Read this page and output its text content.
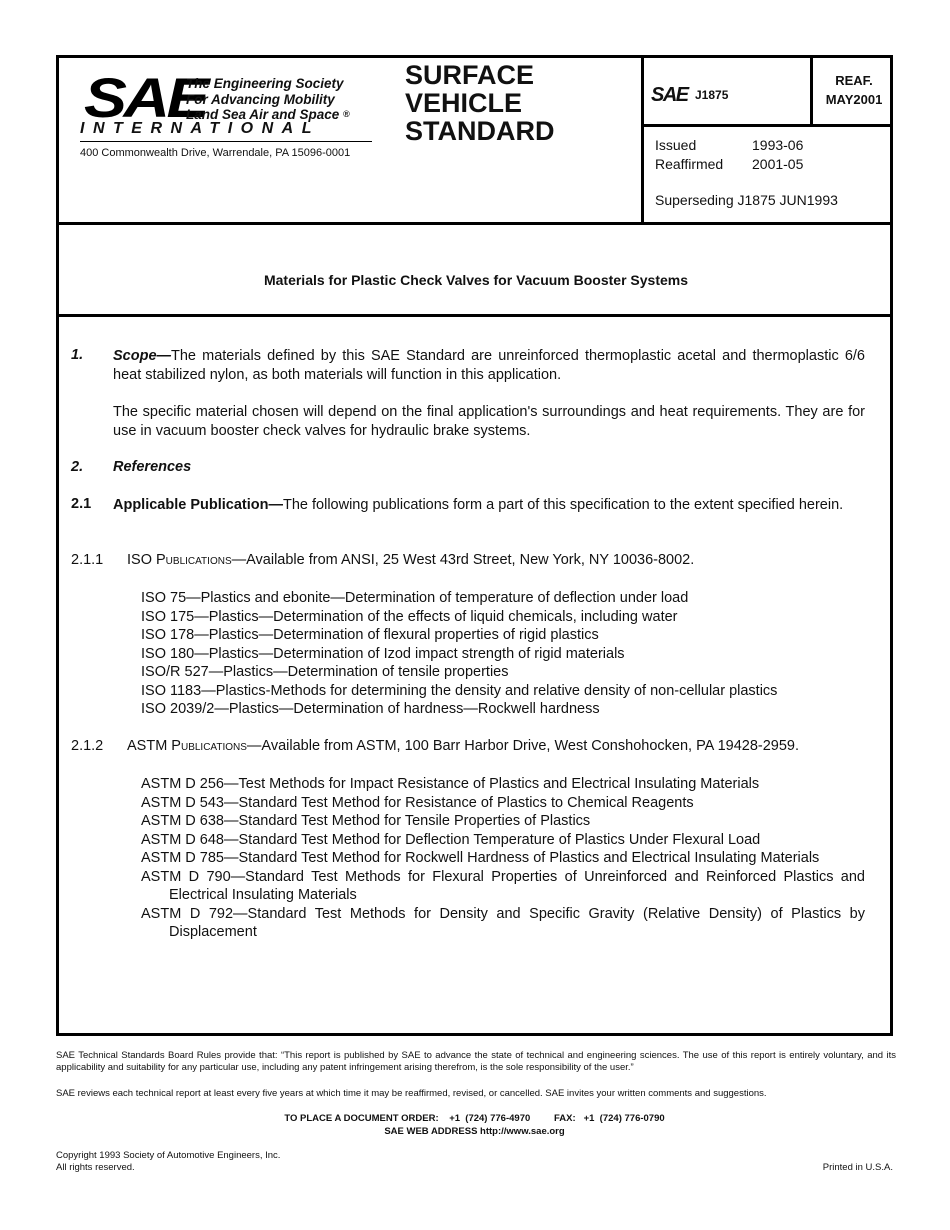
SAE
The Engineering Society
For Advancing Mobility
Land Sea Air and Space ®
INTERNATIONAL
400 Commonwealth Drive, Warrendale, PA 15096-0001
SURFACE
VEHICLE
STANDARD
SAE J1875
REAF.
MAY2001
Issued	1993-06
Reaffirmed 2001-05
Superseding J1875 JUN1993
Materials for Plastic Check Valves for Vacuum Booster Systems
1. Scope—The materials defined by this SAE Standard are unreinforced thermoplastic acetal and thermoplastic 6/6 heat stabilized nylon, as both materials will function in this application.
The specific material chosen will depend on the final application's surroundings and heat requirements. They are for use in vacuum booster check valves for hydraulic brake systems.
2. References
2.1 Applicable Publication—The following publications form a part of this specification to the extent specified herein.
2.1.1 ISO Publications—Available from ANSI, 25 West 43rd Street, New York, NY 10036-8002.
ISO 75—Plastics and ebonite—Determination of temperature of deflection under load
ISO 175—Plastics—Determination of the effects of liquid chemicals, including water
ISO 178—Plastics—Determination of flexural properties of rigid plastics
ISO 180—Plastics—Determination of Izod impact strength of rigid materials
ISO/R 527—Plastics—Determination of tensile properties
ISO 1183—Plastics-Methods for determining the density and relative density of non-cellular plastics
ISO 2039/2—Plastics—Determination of hardness—Rockwell hardness
2.1.2 ASTM Publications—Available from ASTM, 100 Barr Harbor Drive, West Conshohocken, PA 19428-2959.
ASTM D 256—Test Methods for Impact Resistance of Plastics and Electrical Insulating Materials
ASTM D 543—Standard Test Method for Resistance of Plastics to Chemical Reagents
ASTM D 638—Standard Test Method for Tensile Properties of Plastics
ASTM D 648—Standard Test Method for Deflection Temperature of Plastics Under Flexural Load
ASTM D 785—Standard Test Method for Rockwell Hardness of Plastics and Electrical Insulating Materials
ASTM D 790—Standard Test Methods for Flexural Properties of Unreinforced and Reinforced Plastics and Electrical Insulating Materials
ASTM D 792—Standard Test Methods for Density and Specific Gravity (Relative Density) of Plastics by Displacement
SAE Technical Standards Board Rules provide that: “This report is published by SAE to advance the state of technical and engineering sciences. The use of this report is entirely voluntary, and its applicability and suitability for any particular use, including any patent infringement arising therefrom, is the sole responsibility of the user.”
SAE reviews each technical report at least every five years at which time it may be reaffirmed, revised, or cancelled. SAE invites your written comments and suggestions.
TO PLACE A DOCUMENT ORDER:    +1  (724) 776-4970         FAX:   +1  (724) 776-0790
SAE WEB ADDRESS http://www.sae.org
Copyright 1993 Society of Automotive Engineers, Inc.
All rights reserved.	Printed in U.S.A.
